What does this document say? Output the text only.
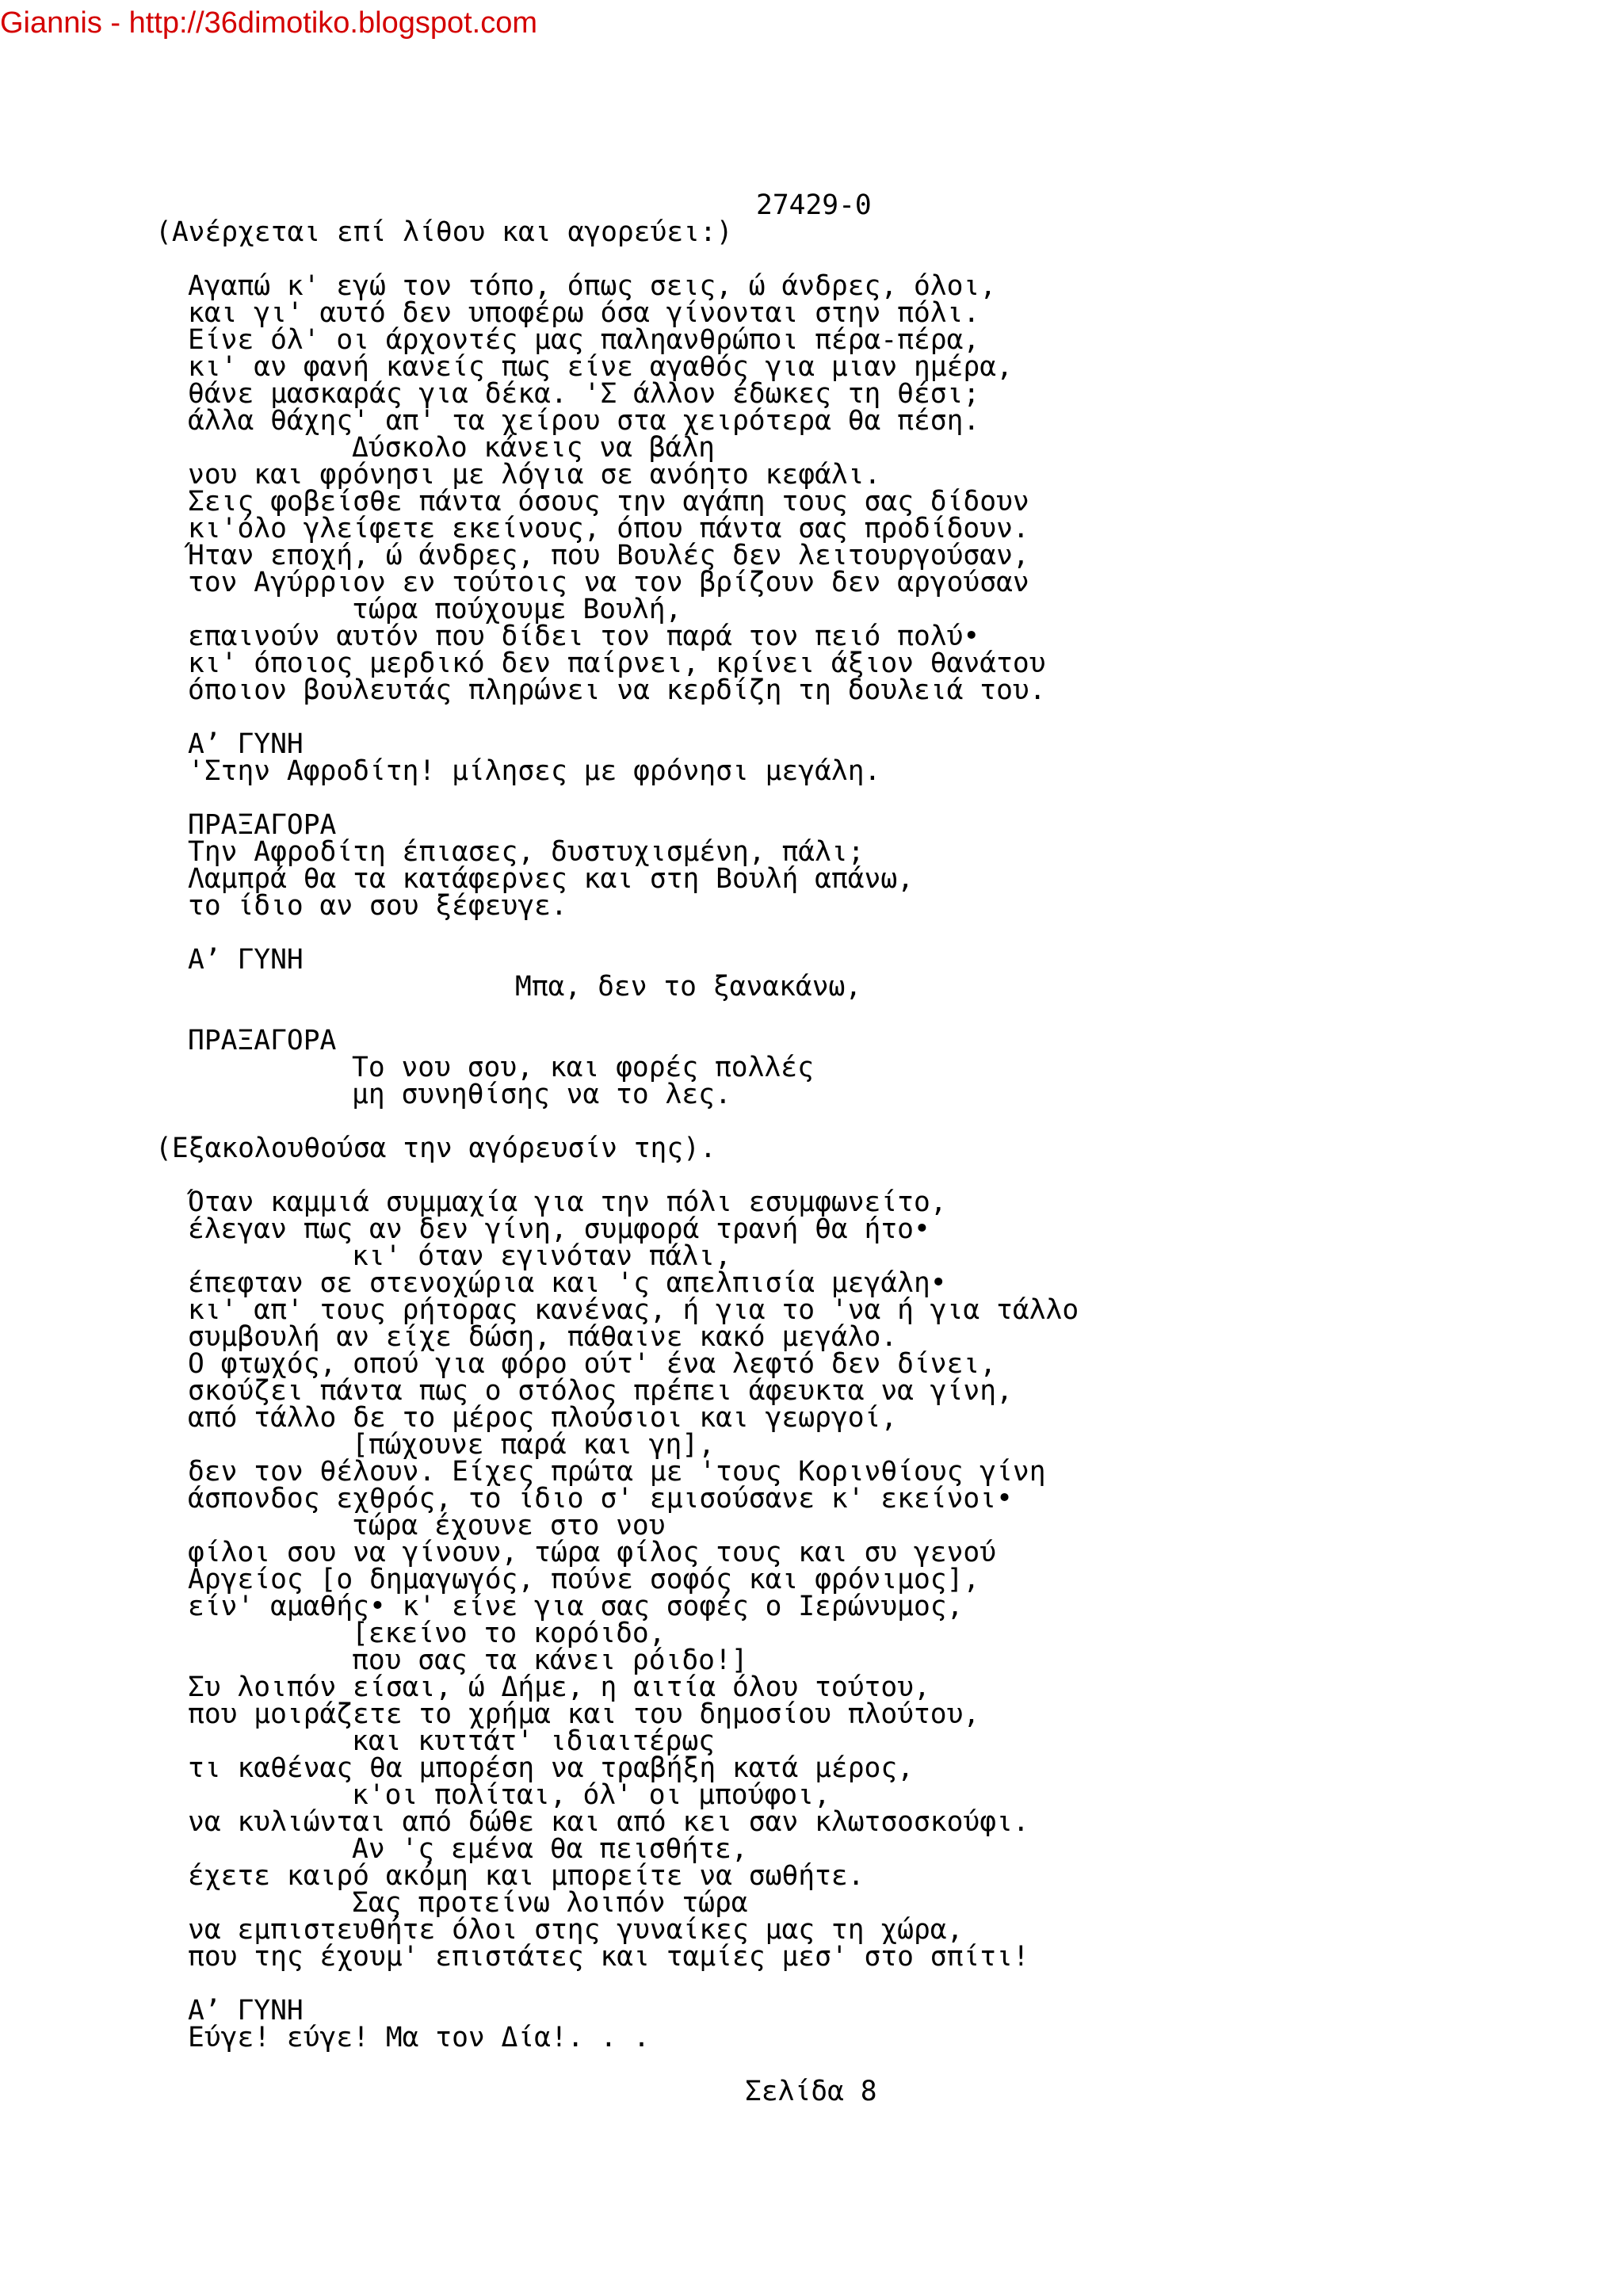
Giannis - http://36dimotiko.blogspot.com
27429-0
(Ανέρχεται επί λίθου και αγορεύει:)
Αγαπώ κ' εγώ τον τόπο, όπως σεις, ώ άνδρες, όλοι,
και γι' αυτό δεν υποφέρω όσα γίνονται στην πόλι.
Είνε όλ' οι άρχοντές μας παληανθρώποι πέρα-πέρα,
κι' αν φανή κανείς πως είνε αγαθός για μιαν ημέρα,
θάνε μασκαράς για δέκα. 'Σ άλλον έδωκες τη θέσι;
άλλα θάχης' απ' τα χείρου στα χειρότερα θα πέση.
Δύσκολο κάνεις να βάλη
νου και φρόνησι με λόγια σε ανόητο κεφάλι.
Σεις φοβείσθε πάντα όσους την αγάπη τους σας δίδουν
κι'όλο γλείφετε εκείνους, όπου πάντα σας προδίδουν.
Ήταν εποχή, ώ άνδρες, που Βουλές δεν λειτουργούσαν,
τον Αγύρριον εν τούτοις να τον βρίζουν δεν αργούσαν
τώρα πούχουμε Βουλή,
επαινούν αυτόν που δίδει τον παρά τον πειό πολύ•
κι' όποιος μερδικό δεν παίρνει, κρίνει άξιον θανάτου
όποιον βουλευτάς πληρώνει να κερδίζη τη δουλειά του.
Α’ ΓΥΝΗ
'Στην Αφροδίτη! μίλησες με φρόνησι μεγάλη.
ΠΡΑΞΑΓΟΡΑ
Την Αφροδίτη έπιασες, δυστυχισμένη, πάλι;
Λαμπρά θα τα κατάφερνες και στη Βουλή απάνω,
το ίδιο αν σου ξέφευγε.
Α’ ΓΥΝΗ
Μπα, δεν το ξανακάνω,
ΠΡΑΞΑΓΟΡΑ
Το νου σου, και φορές πολλές
μη συνηθίσης να το λες.
(Εξακολουθούσα την αγόρευσίν της).
Όταν καμμιά συμμαχία για την πόλι εσυμφωνείτο,
έλεγαν πως αν δεν γίνη, συμφορά τρανή θα ήτο•
κι' όταν εγινόταν πάλι,
έπεφταν σε στενοχώρια και 'ς απελπισία μεγάλη•
κι' απ' τους ρήτορας κανένας, ή για το 'να ή για τάλλο
συμβουλή αν είχε δώση, πάθαινε κακό μεγάλο.
Ο φτωχός, οπού για φόρο ούτ' ένα λεφτό δεν δίνει,
σκούζει πάντα πως ο στόλος πρέπει άφευκτα να γίνη,
από τάλλο δε το μέρος πλούσιοι και γεωργοί,
[πώχουνε παρά και γη],
δεν τον θέλουν. Είχες πρώτα με 'τους Κορινθίους γίνη
άσπονδος εχθρός, το ίδιο σ' εμισούσανε κ' εκείνοι•
τώρα έχουνε στο νου
φίλοι σου να γίνουν, τώρα φίλος τους και συ γενού
Αργείος [ο δημαγωγός, πούνε σοφός και φρόνιμος],
είν' αμαθής• κ' είνε για σας σοφές ο Ιερώνυμος,
[εκείνο το κορόιδο,
που σας τα κάνει ρόιδο!]
Συ λοιπόν είσαι, ώ Δήμε, η αιτία όλου τούτου,
που μοιράζετε το χρήμα και του δημοσίου πλούτου,
και κυττάτ' ιδιαιτέρως
τι καθένας θα μπορέση να τραβήξη κατά μέρος,
κ'οι πολίται, όλ' οι μπούφοι,
να κυλιώνται από δώθε και από κει σαν κλωτσοσκούφι.
Αν 'ς εμένα θα πεισθήτε,
έχετε καιρό ακόμη και μπορείτε να σωθήτε.
Σας προτείνω λοιπόν τώρα
να εμπιστευθήτε όλοι στης γυναίκες μας τη χώρα,
που της έχουμ' επιστάτες και ταμίες μεσ' στο σπίτι!
Α’ ΓΥΝΗ
Εύγε! εύγε! Μα τον Δία!. . .
Σελίδα 8
